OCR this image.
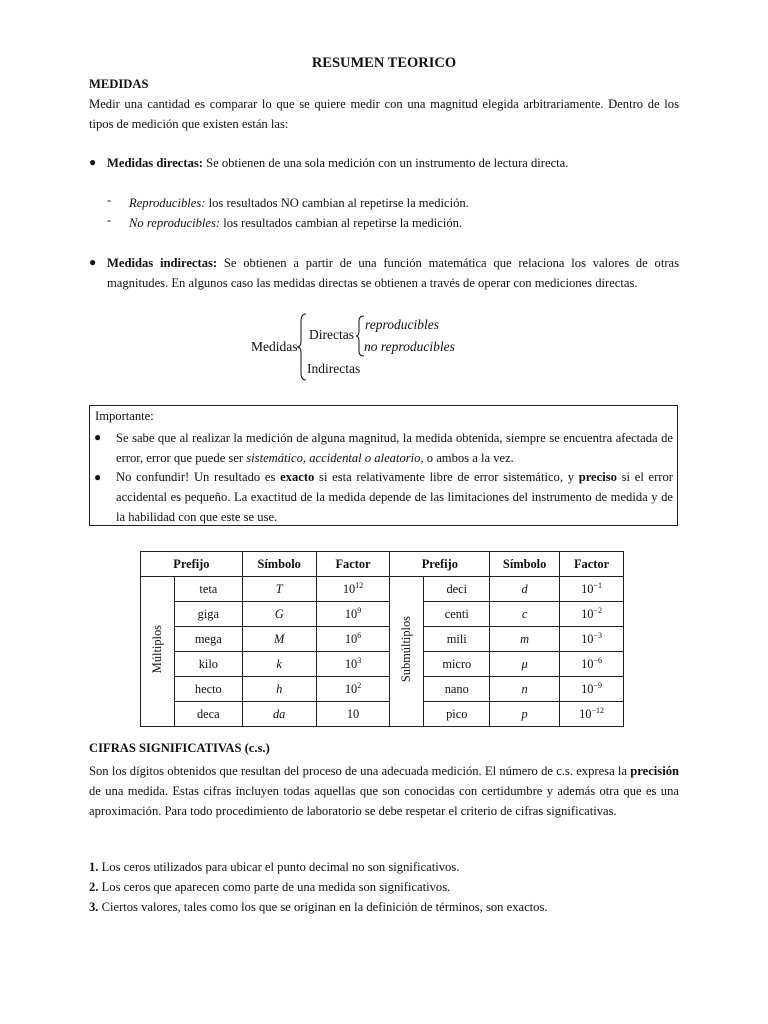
RESUMEN TEORICO
MEDIDAS
Medir una cantidad es comparar lo que se quiere medir con una magnitud elegida arbitrariamente. Dentro de los tipos de medición que existen están las:
● Medidas directas: Se obtienen de una sola medición con un instrumento de lectura directa.
- Reproducibles: los resultados NO cambian al repetirse la medición.
- No reproducibles: los resultados cambian al repetirse la medición.
● Medidas indirectas: Se obtienen a partir de una función matemática que relaciona los valores de otras magnitudes. En algunos caso las medidas directas se obtienen a través de operar con mediciones directas.
Medidas
Directas
reproducibles
no reproducibles
Indirectas
Importante:
● Se sabe que al realizar la medición de alguna magnitud, la medida obtenida, siempre se encuentra afectada de error, error que puede ser sistemático, accidental o aleatorio, o ambos a la vez.
● No confundir! Un resultado es exacto si esta relativamente libre de error sistemático, y preciso si el error accidental es pequeño. La exactitud de la medida depende de las limitaciones del instrumento de medida y de la habilidad con que este se use.
Prefijo		Símbolo	Factor	Prefijo		Símbolo	Factor
Múltiplos	teta	T	$10^{12}$	Submúltiplos	deci	d	$10^{-1}$
	giga	G	$10^9$		centi	c	$10^{-2}$
	mega	M	$10^6$		mili	m	$10^{-3}$
	kilo	k	$10^3$		micro	μ	$10^{-6}$
	hecto	h	$10^2$		nano	n	$10^{-9}$
	deca	da	10		pico	p	$10^{-12}$
CIFRAS SIGNIFICATIVAS (c.s.)
Son los dígitos obtenidos que resultan del proceso de una adecuada medición. El número de c.s. expresa la precisión de una medida. Estas cifras incluyen todas aquellas que son conocidas con certidumbre y además otra que es una aproximación. Para todo procedimiento de laboratorio se debe respetar el criterio de cifras significativas.
1. Los ceros utilizados para ubicar el punto decimal no son significativos.
2. Los ceros que aparecen como parte de una medida son significativos.
3. Ciertos valores, tales como los que se originan en la definición de términos, son exactos.
